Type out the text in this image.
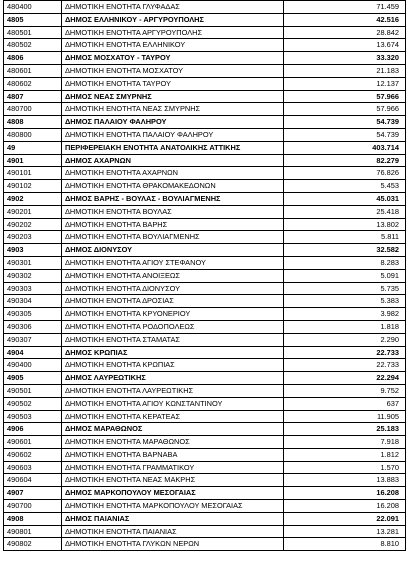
480400	ΔΗΜΟΤΙΚΗ ΕΝΟΤΗΤΑ ΓΛΥΦΑΔΑΣ	71.459
4805	ΔΗΜΟΣ ΕΛΛΗΝΙΚΟΥ - ΑΡΓΥΡΟΥΠΟΛΗΣ	42.516
480501	ΔΗΜΟΤΙΚΗ ΕΝΟΤΗΤΑ ΑΡΓΥΡΟΥΠΟΛΗΣ	28.842
480502	ΔΗΜΟΤΙΚΗ ΕΝΟΤΗΤΑ ΕΛΛΗΝΙΚΟΥ	13.674
4806	ΔΗΜΟΣ ΜΟΣΧΑΤΟΥ - ΤΑΥΡΟΥ	33.320
480601	ΔΗΜΟΤΙΚΗ ΕΝΟΤΗΤΑ ΜΟΣΧΑΤΟΥ	21.183
480602	ΔΗΜΟΤΙΚΗ ΕΝΟΤΗΤΑ ΤΑΥΡΟΥ	12.137
4807	ΔΗΜΟΣ ΝΕΑΣ ΣΜΥΡΝΗΣ	57.966
480700	ΔΗΜΟΤΙΚΗ ΕΝΟΤΗΤΑ ΝΕΑΣ ΣΜΥΡΝΗΣ	57.966
4808	ΔΗΜΟΣ ΠΑΛΑΙΟΥ ΦΑΛΗΡΟΥ	54.739
480800	ΔΗΜΟΤΙΚΗ ΕΝΟΤΗΤΑ ΠΑΛΑΙΟΥ ΦΑΛΗΡΟΥ	54.739
49	ΠΕΡΙΦΕΡΕΙΑΚΗ ΕΝΟΤΗΤΑ ΑΝΑΤΟΛΙΚΗΣ ΑΤΤΙΚΗΣ	403.714
4901	ΔΗΜΟΣ ΑΧΑΡΝΩΝ	82.279
490101	ΔΗΜΟΤΙΚΗ ΕΝΟΤΗΤΑ ΑΧΑΡΝΩΝ	76.826
490102	ΔΗΜΟΤΙΚΗ ΕΝΟΤΗΤΑ ΘΡΑΚΟΜΑΚΕΔΟΝΩΝ	5.453
4902	ΔΗΜΟΣ ΒΑΡΗΣ - ΒΟΥΛΑΣ - ΒΟΥΛΙΑΓΜΕΝΗΣ	45.031
490201	ΔΗΜΟΤΙΚΗ ΕΝΟΤΗΤΑ ΒΟΥΛΑΣ	25.418
490202	ΔΗΜΟΤΙΚΗ ΕΝΟΤΗΤΑ ΒΑΡΗΣ	13.802
490203	ΔΗΜΟΤΙΚΗ ΕΝΟΤΗΤΑ ΒΟΥΛΙΑΓΜΕΝΗΣ	5.811
4903	ΔΗΜΟΣ ΔΙΟΝΥΣΟΥ	32.582
490301	ΔΗΜΟΤΙΚΗ ΕΝΟΤΗΤΑ ΑΓΙΟΥ ΣΤΕΦΑΝΟΥ	8.283
490302	ΔΗΜΟΤΙΚΗ ΕΝΟΤΗΤΑ ΑΝΟΙΞΕΩΣ	5.091
490303	ΔΗΜΟΤΙΚΗ ΕΝΟΤΗΤΑ ΔΙΟΝΥΣΟΥ	5.735
490304	ΔΗΜΟΤΙΚΗ ΕΝΟΤΗΤΑ ΔΡΟΣΙΑΣ	5.383
490305	ΔΗΜΟΤΙΚΗ ΕΝΟΤΗΤΑ ΚΡΥΟΝΕΡΙΟΥ	3.982
490306	ΔΗΜΟΤΙΚΗ ΕΝΟΤΗΤΑ ΡΟΔΟΠΟΛΕΩΣ	1.818
490307	ΔΗΜΟΤΙΚΗ ΕΝΟΤΗΤΑ ΣΤΑΜΑΤΑΣ	2.290
4904	ΔΗΜΟΣ ΚΡΩΠΙΑΣ	22.733
490400	ΔΗΜΟΤΙΚΗ ΕΝΟΤΗΤΑ ΚΡΩΠΙΑΣ	22.733
4905	ΔΗΜΟΣ ΛΑΥΡΕΩΤΙΚΗΣ	22.294
490501	ΔΗΜΟΤΙΚΗ ΕΝΟΤΗΤΑ ΛΑΥΡΕΩΤΙΚΗΣ	9.752
490502	ΔΗΜΟΤΙΚΗ ΕΝΟΤΗΤΑ ΑΓΙΟΥ ΚΩΝΣΤΑΝΤΙΝΟΥ	637
490503	ΔΗΜΟΤΙΚΗ ΕΝΟΤΗΤΑ ΚΕΡΑΤΕΑΣ	11.905
4906	ΔΗΜΟΣ ΜΑΡΑΘΩΝΟΣ	25.183
490601	ΔΗΜΟΤΙΚΗ ΕΝΟΤΗΤΑ ΜΑΡΑΘΩΝΟΣ	7.918
490602	ΔΗΜΟΤΙΚΗ ΕΝΟΤΗΤΑ ΒΑΡΝΑΒΑ	1.812
490603	ΔΗΜΟΤΙΚΗ ΕΝΟΤΗΤΑ ΓΡΑΜΜΑΤΙΚΟΥ	1.570
490604	ΔΗΜΟΤΙΚΗ ΕΝΟΤΗΤΑ ΝΕΑΣ ΜΑΚΡΗΣ	13.883
4907	ΔΗΜΟΣ ΜΑΡΚΟΠΟΥΛΟΥ ΜΕΣΟΓΑΙΑΣ	16.208
490700	ΔΗΜΟΤΙΚΗ ΕΝΟΤΗΤΑ ΜΑΡΚΟΠΟΥΛΟΥ ΜΕΣΟΓΑΙΑΣ	16.208
4908	ΔΗΜΟΣ ΠΑΙΑΝΙΑΣ	22.091
490801	ΔΗΜΟΤΙΚΗ ΕΝΟΤΗΤΑ ΠΑΙΑΝΙΑΣ	13.281
490802	ΔΗΜΟΤΙΚΗ ΕΝΟΤΗΤΑ ΓΛΥΚΩΝ ΝΕΡΩΝ	8.810
